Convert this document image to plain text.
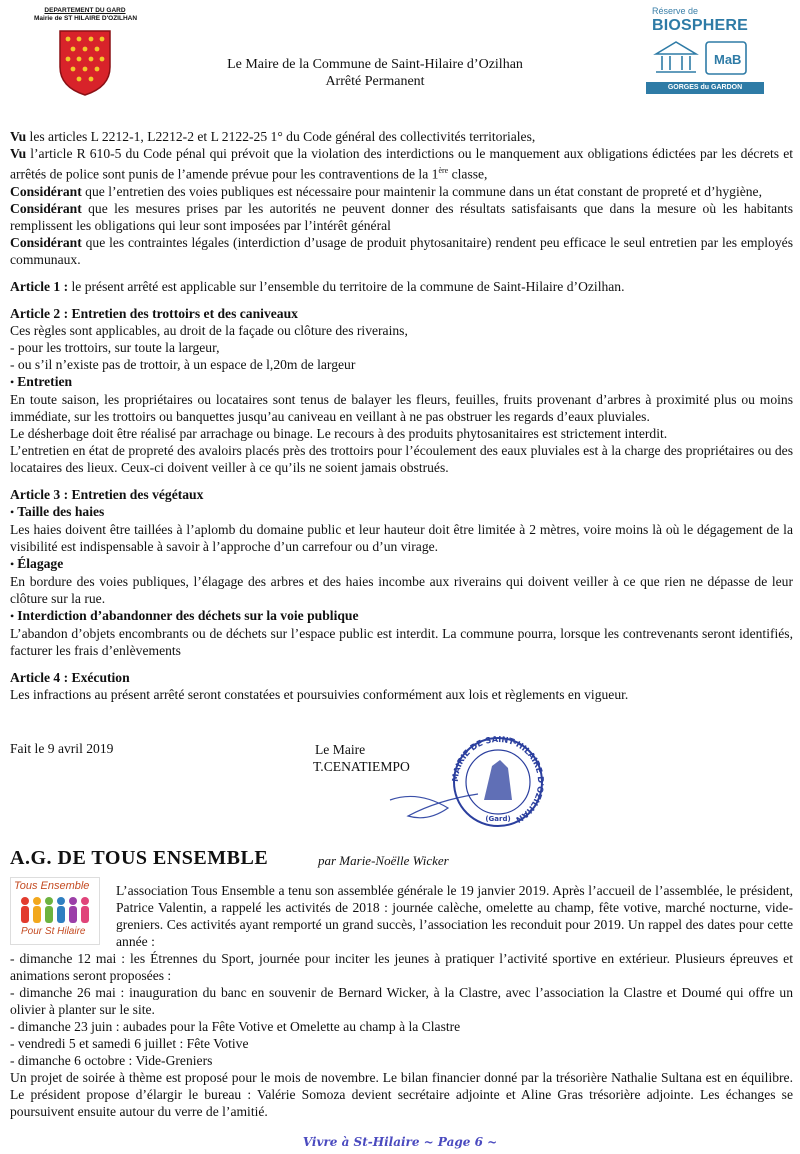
DEPARTEMENT DU GARD
Mairie de ST HILAIRE D'OZILHAN
Le Maire de la Commune de Saint-Hilaire d’Ozilhan
Arrêté Permanent
Réserve de
BIOSPHERE
MaB
GORGES du GARDON

Vu les articles L 2212-1, L2212-2 et L 2122-25 1° du Code général des collectivités territoriales,

Vu l’article R 610-5 du Code pénal qui prévoit que la violation des interdictions ou le manquement aux obligations édictées par les décrets et arrêtés de police sont punis de l’amende prévue pour les contraventions de la 1ère classe,

Considérant que l’entretien des voies publiques est nécessaire pour maintenir la commune dans un état constant de propreté et d’hygiène,

Considérant que les mesures prises par les autorités ne peuvent donner des résultats satisfaisants que dans la mesure où les habitants remplissent les obligations qui leur sont imposées par l’intérêt général

Considérant que les contraintes légales (interdiction d’usage de produit phytosanitaire) rendent peu efficace le seul entretien par les employés communaux.

Article 1 : le présent arrêté est applicable sur l’ensemble du territoire de la commune de Saint-Hilaire d’Ozilhan.

Article 2 : Entretien des trottoirs et des caniveaux

Ces règles sont applicables, au droit de la façade ou clôture des riverains,

- pour les trottoirs, sur toute la largeur,

- ou s’il n’existe pas de trottoir, à un espace de l,20m de largeur

• Entretien

En toute saison, les propriétaires ou locataires sont tenus de balayer les fleurs, feuilles, fruits provenant d’arbres à proximité plus ou moins immédiate, sur les trottoirs ou banquettes jusqu’au caniveau en veillant à ne pas obstruer les regards d’eaux pluviales.

Le désherbage doit être réalisé par arrachage ou binage. Le recours à des produits phytosanitaires est strictement interdit.

L’entretien en état de propreté des avaloirs placés près des trottoirs pour l’écoulement des eaux pluviales est à la charge des propriétaires ou des locataires des lieux. Ceux-ci doivent veiller à ce qu’ils ne soient jamais obstrués.

Article 3 : Entretien des végétaux

• Taille des haies

Les haies doivent être taillées à l’aplomb du domaine public et leur hauteur doit être limitée à 2 mètres, voire moins là où le dégagement de la visibilité est indispensable à savoir à l’approche d’un carrefour ou d’un virage.

• Élagage

En bordure des voies publiques, l’élagage des arbres et des haies incombe aux riverains qui doivent veiller à ce que rien ne dépasse de leur clôture sur la rue.

• Interdiction d’abandonner des déchets sur la voie publique

L’abandon d’objets encombrants ou de déchets sur l’espace public est interdit. La commune pourra, lorsque les contrevenants seront identifiés, facturer les frais d’enlèvements

Article 4 : Exécution

Les infractions au présent arrêté seront constatées et poursuivies conformément aux lois et règlements en vigueur.

Fait le 9 avril 2019	Le Maire
T.CENATIEMPO
MAIRIE DE SAINT-HILAIRE D'OZILHAN
(Gard)
A.G. DE TOUS ENSEMBLE	par Marie-Noëlle Wicker
Tous Ensemble
Pour St Hilaire
L’association Tous Ensemble a tenu son assemblée générale le 19 janvier 2019. Après l’accueil de l’assemblée, le président, Patrice Valentin, a rappelé les activités de 2018 : journée calèche, omelette au champ, fête votive, marché nocturne, vide-greniers. Ces activités ayant remporté un grand succès, l’association les reconduit pour 2019. Un rappel des dates pour cette année :

- dimanche 12 mai : les Étrennes du Sport, journée pour inciter les jeunes à pratiquer l’activité sportive en extérieur. Plusieurs épreuves et animations seront proposées :

- dimanche 26 mai : inauguration du banc en souvenir de Bernard Wicker, à la Clastre, avec l’association la Clastre et Doumé qui offre un olivier à planter sur le site.

- dimanche 23 juin : aubades pour la Fête Votive et Omelette au champ à la Clastre

- vendredi 5 et samedi 6 juillet : Fête Votive

- dimanche 6 octobre : Vide-Greniers

Un projet de soirée à thème est proposé pour le mois de novembre. Le bilan financier donné par la trésorière Nathalie Sultana est en équilibre. Le président propose d’élargir le bureau : Valérie Somoza devient secrétaire adjointe et Aline Gras trésorière adjointe. Les échanges se poursuivent ensuite autour du verre de l’amitié.

Vivre à St-Hilaire ~ Page 6 ~
